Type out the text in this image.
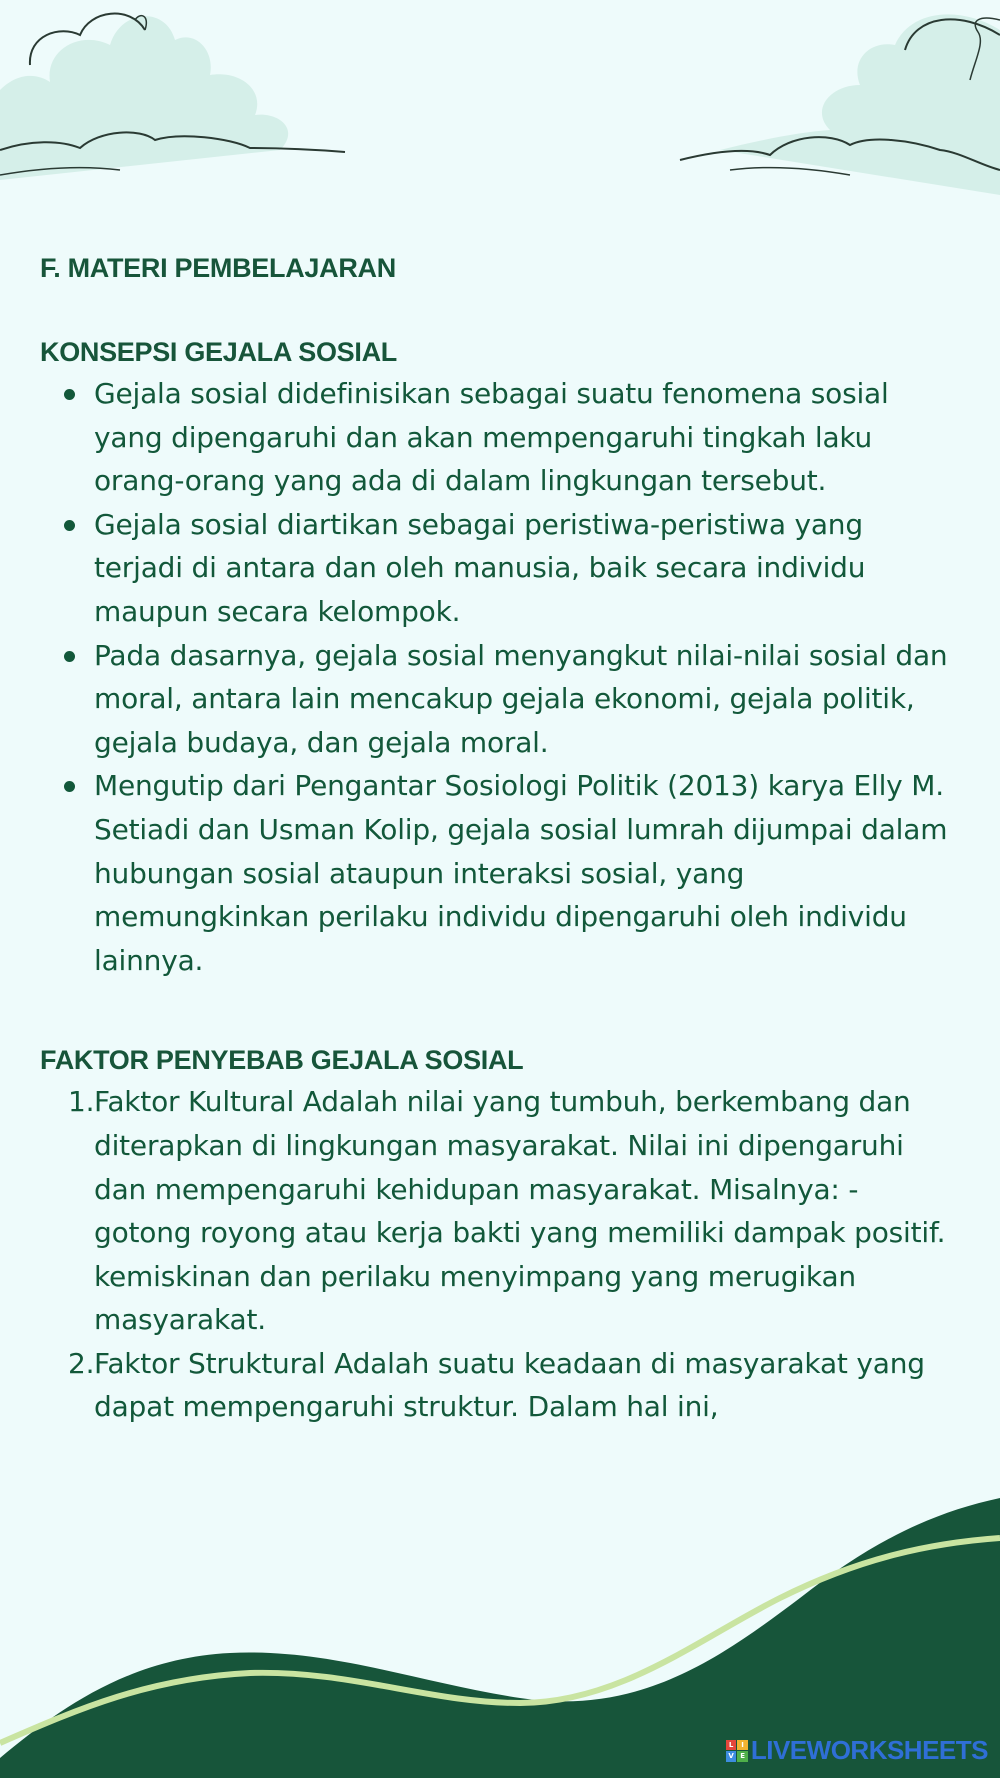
F. MATERI PEMBELAJARAN
KONSEPSI GEJALA SOSIAL
Gejala sosial didefinisikan sebagai suatu fenomena sosial yang dipengaruhi dan akan mempengaruhi tingkah laku orang-orang yang ada di dalam lingkungan tersebut.
Gejala sosial diartikan sebagai peristiwa-peristiwa yang terjadi di antara dan oleh manusia, baik secara individu maupun secara kelompok.
Pada dasarnya, gejala sosial menyangkut nilai-nilai sosial dan moral, antara lain mencakup gejala ekonomi, gejala politik, gejala budaya, dan gejala moral.
Mengutip dari Pengantar Sosiologi Politik (2013) karya Elly M. Setiadi dan Usman Kolip, gejala sosial lumrah dijumpai dalam hubungan sosial ataupun interaksi sosial, yang memungkinkan perilaku individu dipengaruhi oleh individu lainnya.
FAKTOR PENYEBAB GEJALA SOSIAL
1. Faktor Kultural Adalah nilai yang tumbuh, berkembang dan diterapkan di lingkungan masyarakat. Nilai ini dipengaruhi dan mempengaruhi kehidupan masyarakat. Misalnya: - gotong royong atau kerja bakti yang memiliki dampak positif. kemiskinan dan perilaku menyimpang yang merugikan masyarakat.
2. Faktor Struktural Adalah suatu keadaan di masyarakat yang dapat mempengaruhi struktur. Dalam hal ini,
L	I
V E LIVEWORKSHEETS
